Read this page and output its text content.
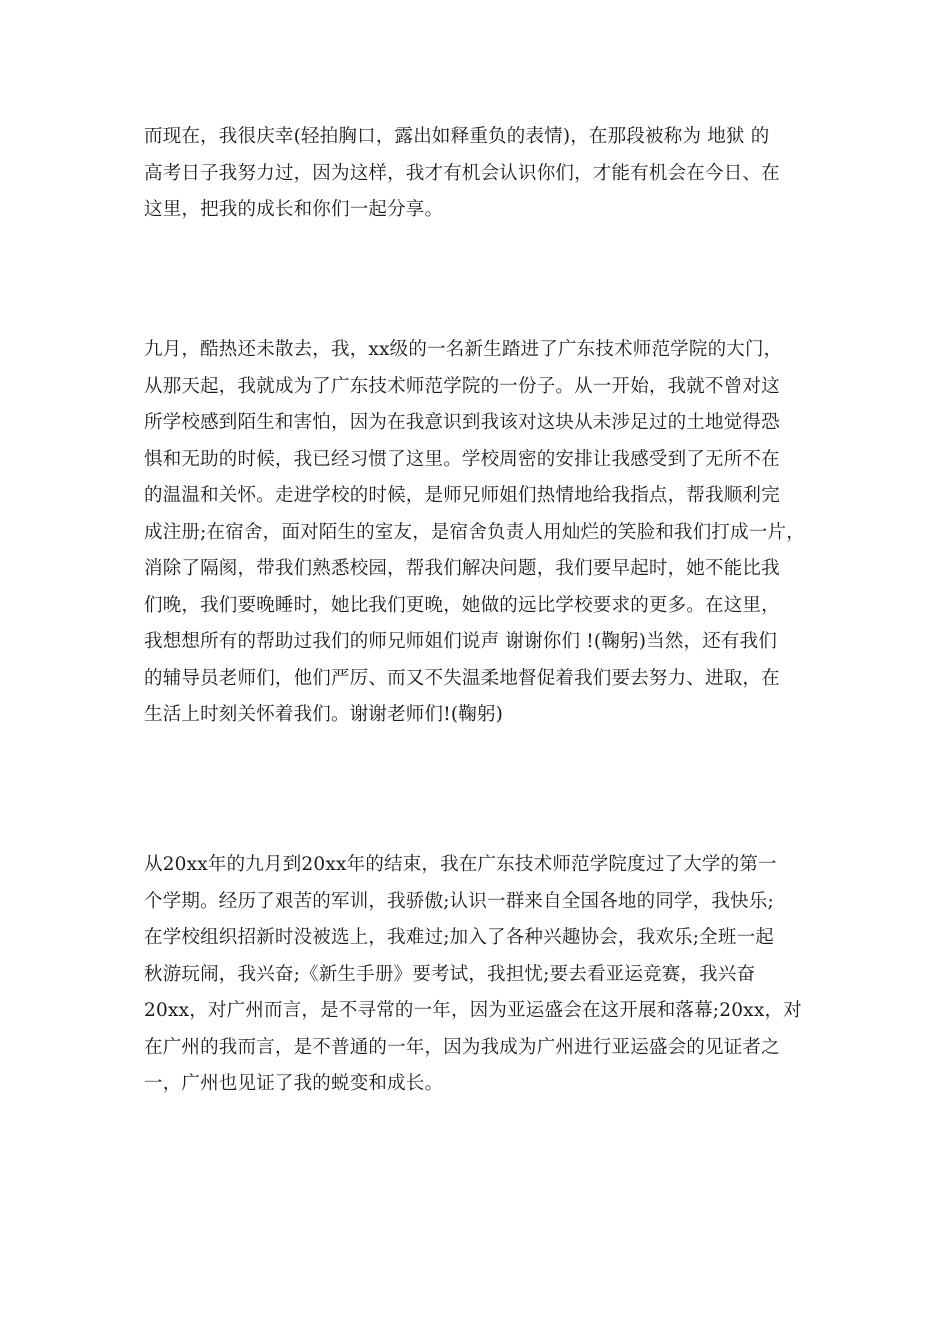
而现在，我很庆幸(轻拍胸口，露出如释重负的表情)，在那段被称为 地狱 的
高考日子我努力过，因为这样，我才有机会认识你们，才能有机会在今日、在
这里，把我的成长和你们一起分享。
九月，酷热还未散去，我，xx级的一名新生踏进了广东技术师范学院的大门，
从那天起，我就成为了广东技术师范学院的一份子。从一开始，我就不曾对这
所学校感到陌生和害怕，因为在我意识到我该对这块从未涉足过的土地觉得恐
惧和无助的时候，我已经习惯了这里。学校周密的安排让我感受到了无所不在
的温温和关怀。走进学校的时候，是师兄师姐们热情地给我指点，帮我顺利完
成注册;在宿舍，面对陌生的室友，是宿舍负责人用灿烂的笑脸和我们打成一片，
消除了隔阂，带我们熟悉校园，帮我们解决问题，我们要早起时，她不能比我
们晚，我们要晚睡时，她比我们更晚，她做的远比学校要求的更多。在这里，
我想想所有的帮助过我们的师兄师姐们说声 谢谢你们 !(鞠躬)当然，还有我们
的辅导员老师们，他们严厉、而又不失温柔地督促着我们要去努力、进取，在
生活上时刻关怀着我们。谢谢老师们!(鞠躬)
从20xx年的九月到20xx年的结束，我在广东技术师范学院度过了大学的第一
个学期。经历了艰苦的军训，我骄傲;认识一群来自全国各地的同学，我快乐;
在学校组织招新时没被选上，我难过;加入了各种兴趣协会，我欢乐;全班一起
秋游玩闹，我兴奋;《新生手册》要考试，我担忧;要去看亚运竞赛，我兴奋
20xx，对广州而言，是不寻常的一年，因为亚运盛会在这开展和落幕;20xx，对
在广州的我而言，是不普通的一年，因为我成为广州进行亚运盛会的见证者之
一，广州也见证了我的蜕变和成长。
